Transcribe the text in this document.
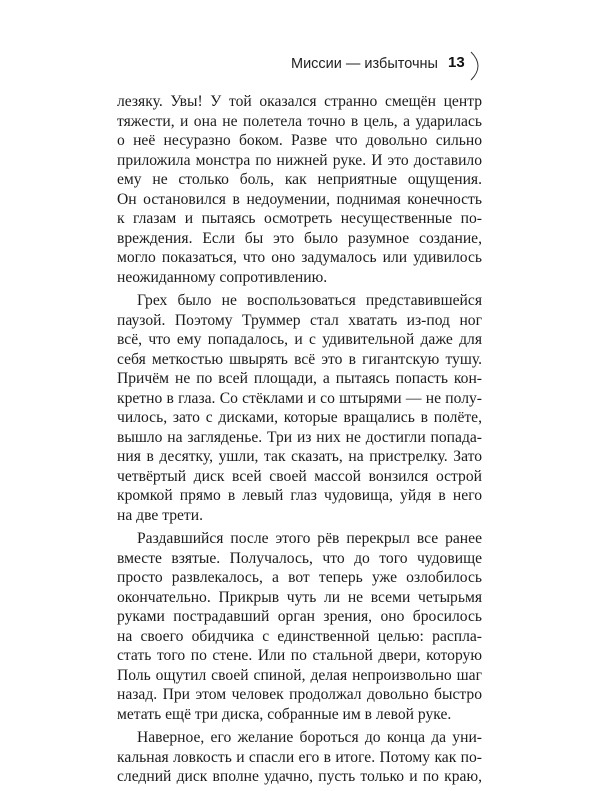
Миссии — избыточны 13
лезяку. Увы! У той оказался странно смещён центр
тяжести, и она не полетела точно в цель, а ударилась
о неё несуразно боком. Разве что довольно сильно
приложила монстра по нижней руке. И это доставило
ему не столько боль, как неприятные ощущения.
Он остановился в недоумении, поднимая конечность
к глазам и пытаясь осмотреть несущественные по-
вреждения. Если бы это было разумное создание,
могло показаться, что оно задумалось или удивилось
неожиданному сопротивлению.
Грех было не воспользоваться представившейся
паузой. Поэтому Труммер стал хватать из-под ног
всё, что ему попадалось, и с удивительной даже для
себя меткостью швырять всё это в гигантскую тушу.
Причём не по всей площади, а пытаясь попасть кон-
кретно в глаза. Со стёклами и со штырями — не полу-
чилось, зато с дисками, которые вращались в полёте,
вышло на загляденье. Три из них не достигли попада-
ния в десятку, ушли, так сказать, на пристрелку. Зато
четвёртый диск всей своей массой вонзился острой
кромкой прямо в левый глаз чудовища, уйдя в него
на две трети.
Раздавшийся после этого рёв перекрыл все ранее
вместе взятые. Получалось, что до того чудовище
просто развлекалось, а вот теперь уже озлобилось
окончательно. Прикрыв чуть ли не всеми четырьмя
руками пострадавший орган зрения, оно бросилось
на своего обидчика с единственной целью: распла-
стать того по стене. Или по стальной двери, которую
Поль ощутил своей спиной, делая непроизвольно шаг
назад. При этом человек продолжал довольно быстро
метать ещё три диска, собранные им в левой руке.
Наверное, его желание бороться до конца да уни-
кальная ловкость и спасли его в итоге. Потому как по-
следний диск вполне удачно, пусть только и по краю,
